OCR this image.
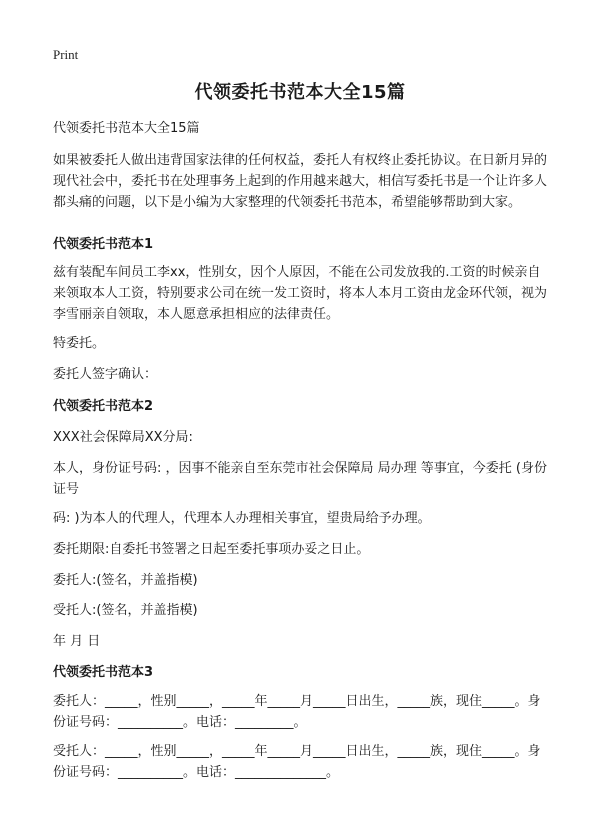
Print
代领委托书范本大全15篇

代领委托书范本大全15篇

如果被委托人做出违背国家法律的任何权益，委托人有权终止委托协议。在日新月异的现代社会中，委托书在处理事务上起到的作用越来越大，相信写委托书是一个让许多人都头痛的问题，以下是小编为大家整理的代领委托书范本，希望能够帮助到大家。

代领委托书范本1

兹有装配车间员工李xx，性别女，因个人原因，不能在公司发放我的.工资的时候亲自来领取本人工资，特别要求公司在统一发工资时，将本人本月工资由龙金环代领，视为李雪丽亲自领取，本人愿意承担相应的法律责任。

特委托。

委托人签字确认：

代领委托书范本2

XXX社会保障局XX分局:

本人，身份证号码: ，因事不能亲自至东莞市社会保障局 局办理 等事宜，今委托 (身份证号

码: )为本人的代理人，代理本人办理相关事宜，望贵局给予办理。

委托期限:自委托书签署之日起至委托事项办妥之日止。

委托人:(签名，并盖指模)

受托人:(签名，并盖指模)

年 月 日

代领委托书范本3

委托人：_____，性别_____，_____年_____月_____日出生，_____族，现住_____。身份证号码：__________。电话：_________。

受托人：_____，性别_____，_____年_____月_____日出生，_____族，现住_____。身份证号码：__________。电话：______________。
